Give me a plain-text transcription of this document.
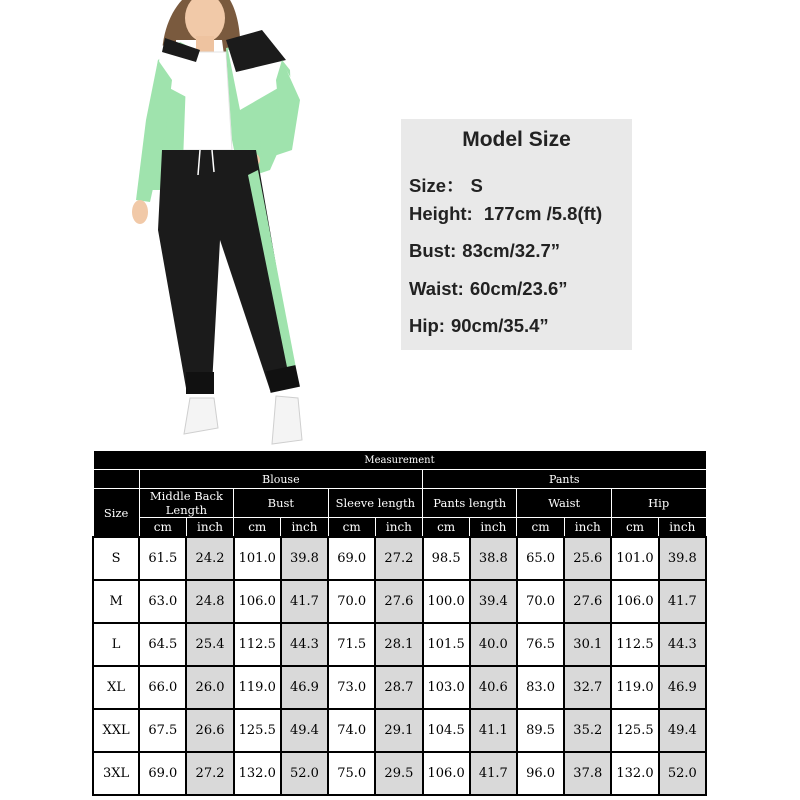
Model Size
Size： S
Height: 177cm /5.8(ft)
Bust: 83cm/32.7”
Waist: 60cm/23.6”
Hip: 90cm/35.4”
Measurement												
	Blouse						Pants					
Size	Middle Back Length		Bust		Sleeve length		Pants length		Waist		Hip	
	cm	inch	cm	inch	cm	inch	cm	inch	cm	inch	cm	inch
S	61.5	24.2	101.0	39.8	69.0	27.2	98.5	38.8	65.0	25.6	101.0	39.8
M	63.0	24.8	106.0	41.7	70.0	27.6	100.0	39.4	70.0	27.6	106.0	41.7
L	64.5	25.4	112.5	44.3	71.5	28.1	101.5	40.0	76.5	30.1	112.5	44.3
XL	66.0	26.0	119.0	46.9	73.0	28.7	103.0	40.6	83.0	32.7	119.0	46.9
XXL	67.5	26.6	125.5	49.4	74.0	29.1	104.5	41.1	89.5	35.2	125.5	49.4
3XL	69.0	27.2	132.0	52.0	75.0	29.5	106.0	41.7	96.0	37.8	132.0	52.0
